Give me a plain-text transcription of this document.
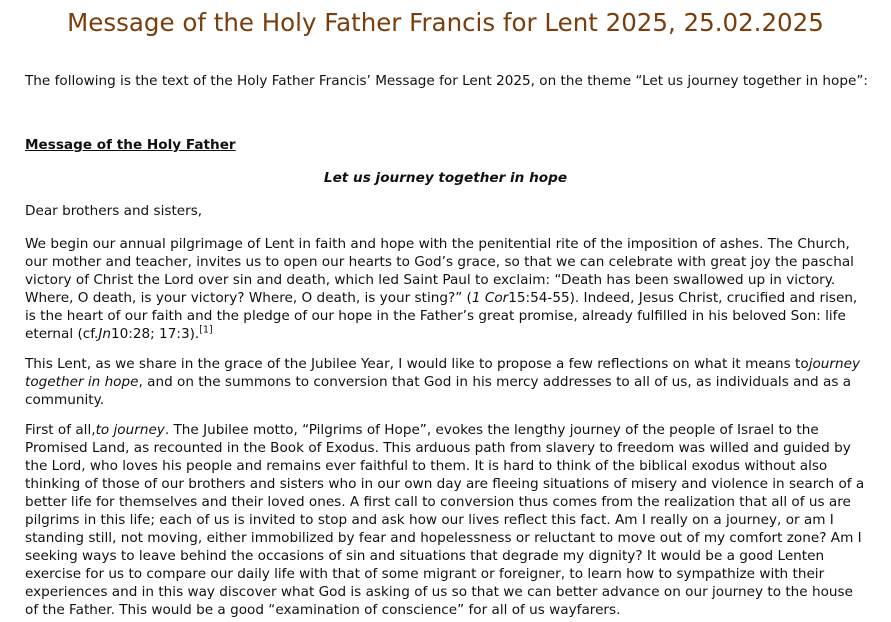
Message of the Holy Father Francis for Lent 2025, 25.02.2025

The following is the text of the Holy Father Francis’ Message for Lent 2025, on the theme “Let us journey together in hope”:

Message of the Holy Father

Let us journey together in hope

Dear brothers and sisters,

We begin our annual pilgrimage of Lent in faith and hope with the penitential rite of the imposition of ashes. The Church, our mother and teacher, invites us to open our hearts to God’s grace, so that we can celebrate with great joy the paschal victory of Christ the Lord over sin and death, which led Saint Paul to exclaim: “Death has been swallowed up in victory. Where, O death, is your victory? Where, O death, is your sting?” (1 Cor15:54-55). Indeed, Jesus Christ, crucified and risen, is the heart of our faith and the pledge of our hope in the Father’s great promise, already fulfilled in his beloved Son: life eternal (cf.Jn10:28; 17:3).[1]

This Lent, as we share in the grace of the Jubilee Year, I would like to propose a few reflections on what it means tojourney together in hope, and on the summons to conversion that God in his mercy addresses to all of us, as individuals and as a community.

First of all,to journey. The Jubilee motto, “Pilgrims of Hope”, evokes the lengthy journey of the people of Israel to the Promised Land, as recounted in the Book of Exodus. This arduous path from slavery to freedom was willed and guided by the Lord, who loves his people and remains ever faithful to them. It is hard to think of the biblical exodus without also thinking of those of our brothers and sisters who in our own day are fleeing situations of misery and violence in search of a better life for themselves and their loved ones. A first call to conversion thus comes from the realization that all of us are pilgrims in this life; each of us is invited to stop and ask how our lives reflect this fact. Am I really on a journey, or am I standing still, not moving, either immobilized by fear and hopelessness or reluctant to move out of my comfort zone? Am I seeking ways to leave behind the occasions of sin and situations that degrade my dignity? It would be a good Lenten exercise for us to compare our daily life with that of some migrant or foreigner, to learn how to sympathize with their experiences and in this way discover what God is asking of us so that we can better advance on our journey to the house of the Father. This would be a good “examination of conscience” for all of us wayfarers.
